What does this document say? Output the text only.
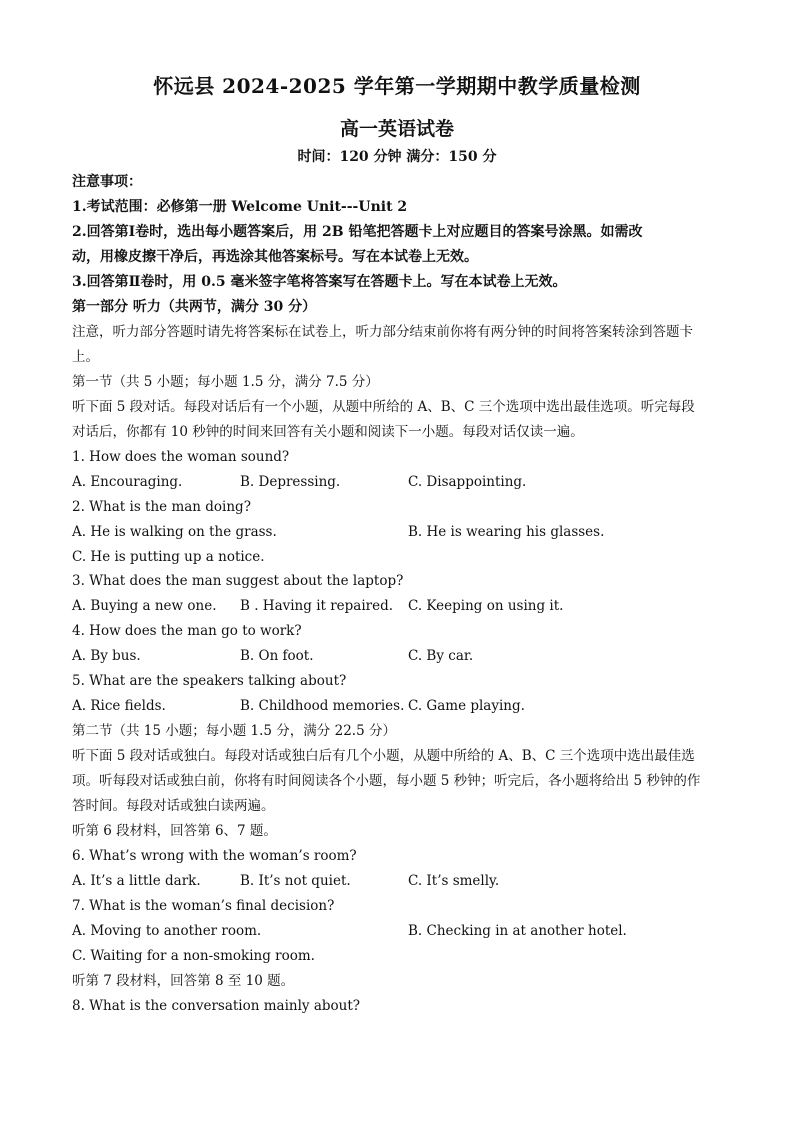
怀远县 2024-2025 学年第一学期期中教学质量检测
高一英语试卷
时间：120 分钟 满分：150 分
注意事项：
1.考试范围：必修第一册 Welcome Unit---Unit 2
2.回答第Ⅰ卷时，选出每小题答案后，用 2B 铅笔把答题卡上对应题目的答案号涂黑。如需改
动，用橡皮擦干净后，再选涂其他答案标号。写在本试卷上无效。
3.回答第Ⅱ卷时，用 0.5 毫米签字笔将答案写在答题卡上。写在本试卷上无效。
第一部分 听力（共两节，满分 30 分）
注意，听力部分答题时请先将答案标在试卷上，听力部分结束前你将有两分钟的时间将答案转涂到答题卡
上。
第一节（共 5 小题；每小题 1.5 分，满分 7.5 分）
听下面 5 段对话。每段对话后有一个小题，从题中所给的 A、B、C 三个选项中选出最佳选项。听完每段
对话后，你都有 10 秒钟的时间来回答有关小题和阅读下一小题。每段对话仅读一遍。
1. How does the woman sound?
A. Encouraging.	B. Depressing.	C. Disappointing.
2. What is the man doing?
A. He is walking on the grass.	B. He is wearing his glasses.
C. He is putting up a notice.
3. What does the man suggest about the laptop?
A. Buying a new one. B . Having it repaired. C. Keeping on using it.
4. How does the man go to work?
A. By bus.	B. On foot.	C. By car.
5. What are the speakers talking about?
A. Rice fields.	B. Childhood memories. C. Game playing.
第二节（共 15 小题；每小题 1.5 分，满分 22.5 分）
听下面 5 段对话或独白。每段对话或独白后有几个小题，从题中所给的 A、B、C 三个选项中选出最佳选
项。听每段对话或独白前，你将有时间阅读各个小题，每小题 5 秒钟；听完后，各小题将给出 5 秒钟的作
答时间。每段对话或独白读两遍。
听第 6 段材料，回答第 6、7 题。
6. What’s wrong with the woman’s room?
A. It’s a little dark.	B. It’s not quiet.	C. It’s smelly.
7. What is the woman’s final decision?
A. Moving to another room.	B. Checking in at another hotel.
C. Waiting for a non-smoking room.
听第 7 段材料，回答第 8 至 10 题。
8. What is the conversation mainly about?
